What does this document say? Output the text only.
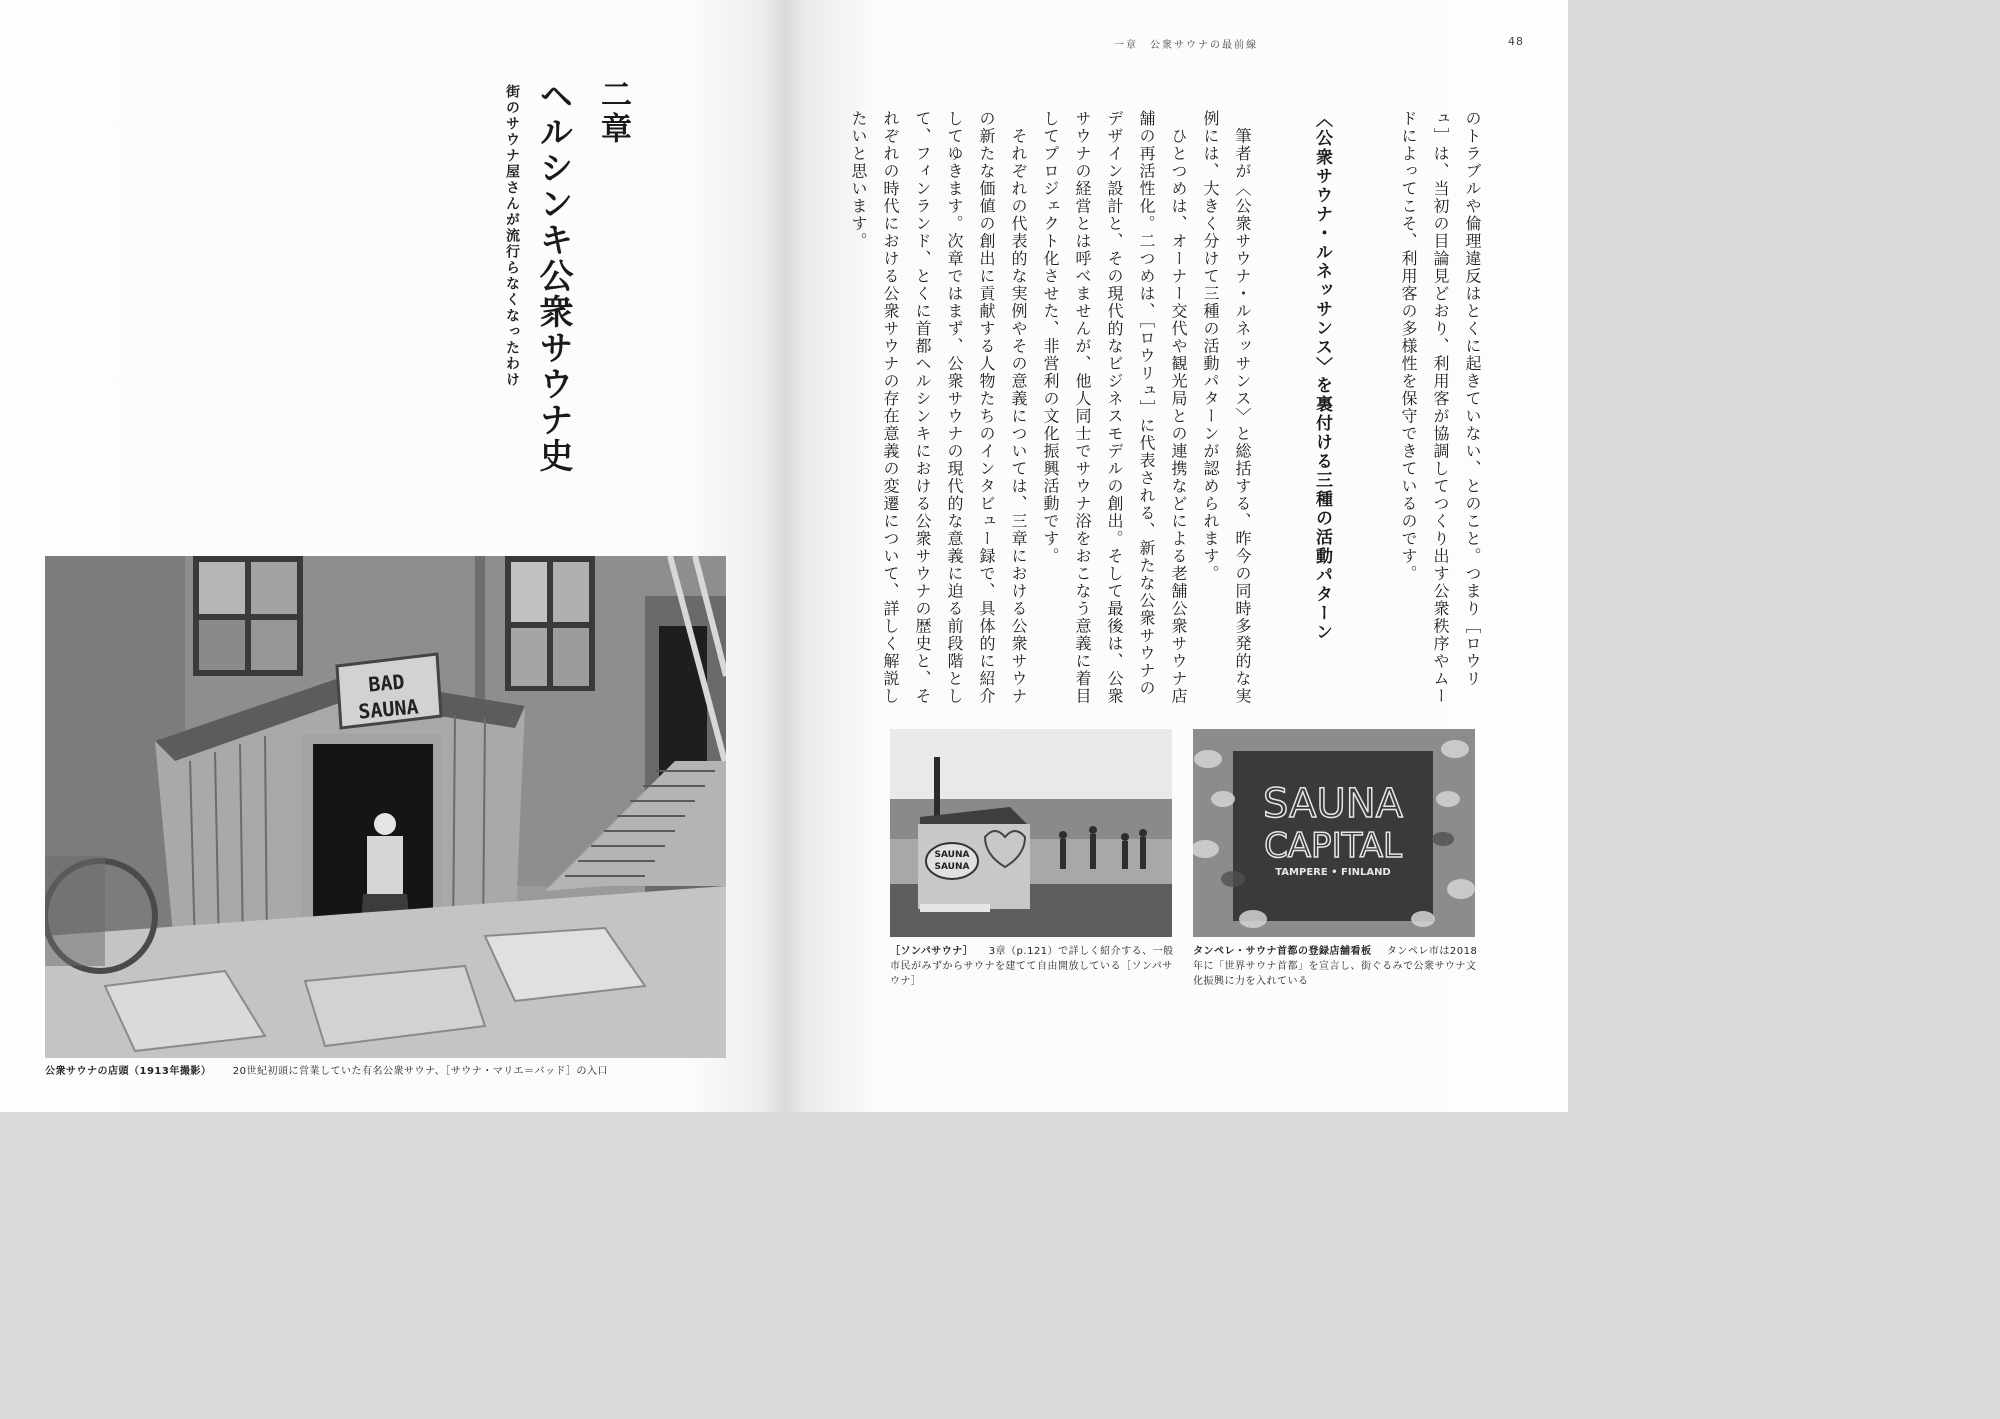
二章
ヘルシンキ公衆サウナ史
街のサウナ屋さんが流行らなくなったわけ
BAD
SAUNA
公衆サウナの店頭（1913年撮影） 20世紀初頭に営業していた有名公衆サウナ、［サウナ・マリエ＝バッド］の入口
一章　公衆サウナの最前線	48
のトラブルや倫理違反はとくに起きていない、とのこと。つまり［ロウリュ］は、当初の目論見どおり、利用客が協調してつくり出す公衆秩序やムードによってこそ、利用客の多様性を保守できているのです。
〈公衆サウナ・ルネッサンス〉を裏付ける三種の活動パターン
　筆者が〈公衆サウナ・ルネッサンス〉と総括する、昨今の同時多発的な実例には、大きく分けて三種の活動パターンが認められます。
　ひとつめは、オーナー交代や観光局との連携などによる老舗公衆サウナ店舗の再活性化。二つめは、［ロウリュ］に代表される、新たな公衆サウナのデザイン設計と、その現代的なビジネスモデルの創出。そして最後は、公衆サウナの経営とは呼べませんが、他人同士でサウナ浴をおこなう意義に着目してプロジェクト化させた、非営利の文化振興活動です。
　それぞれの代表的な実例やその意義については、三章における公衆サウナの新たな価値の創出に貢献する人物たちのインタビュー録で、具体的に紹介してゆきます。次章ではまず、公衆サウナの現代的な意義に迫る前段階として、フィンランド、とくに首都ヘルシンキにおける公衆サウナの歴史と、それぞれの時代における公衆サウナの存在意義の変遷について、詳しく解説したいと思います。
SAUNA
SAUNA
［ソンパサウナ］ 3章（p.121）で詳しく紹介する、一般市民がみずからサウナを建てて自由開放している［ソンパサウナ］
SAUNA
CAPITAL
TAMPERE • FINLAND
タンペレ・サウナ首都の登録店舗看板 タンペレ市は2018年に「世界サウナ首都」を宣言し、街ぐるみで公衆サウナ文化振興に力を入れている
